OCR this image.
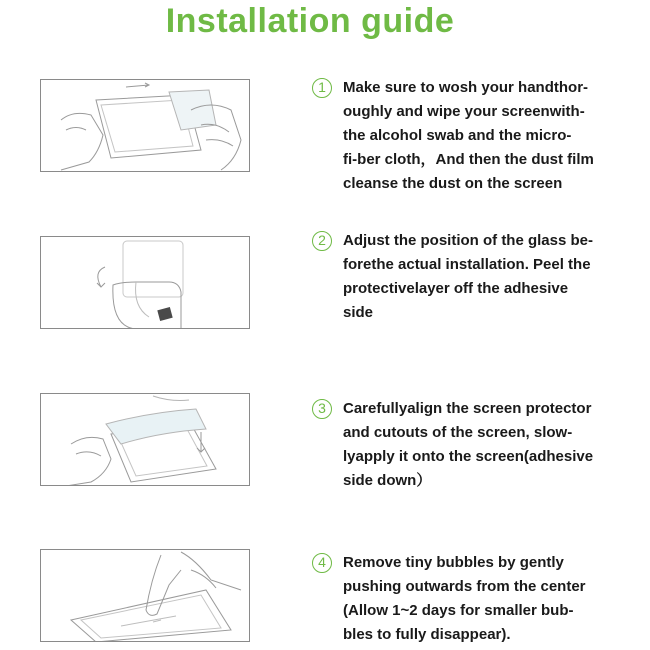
Installation guide
1	Make sure to wosh your handthor-
oughly and wipe your screenwith-
the alcohol swab and the micro-
fi-ber cloth，And then the dust film
cleanse the dust on the screen
2	Adjust the position of the glass be-
forethe actual installation. Peel the
protectivelayer off the adhesive
side
3	Carefullyalign the screen protector
and cutouts of the screen, slow-
lyapply it onto the screen(adhesive
side down）
4	Remove tiny bubbles by gently
pushing outwards from the center
(Allow 1~2 days for smaller bub-
bles to fully disappear).
